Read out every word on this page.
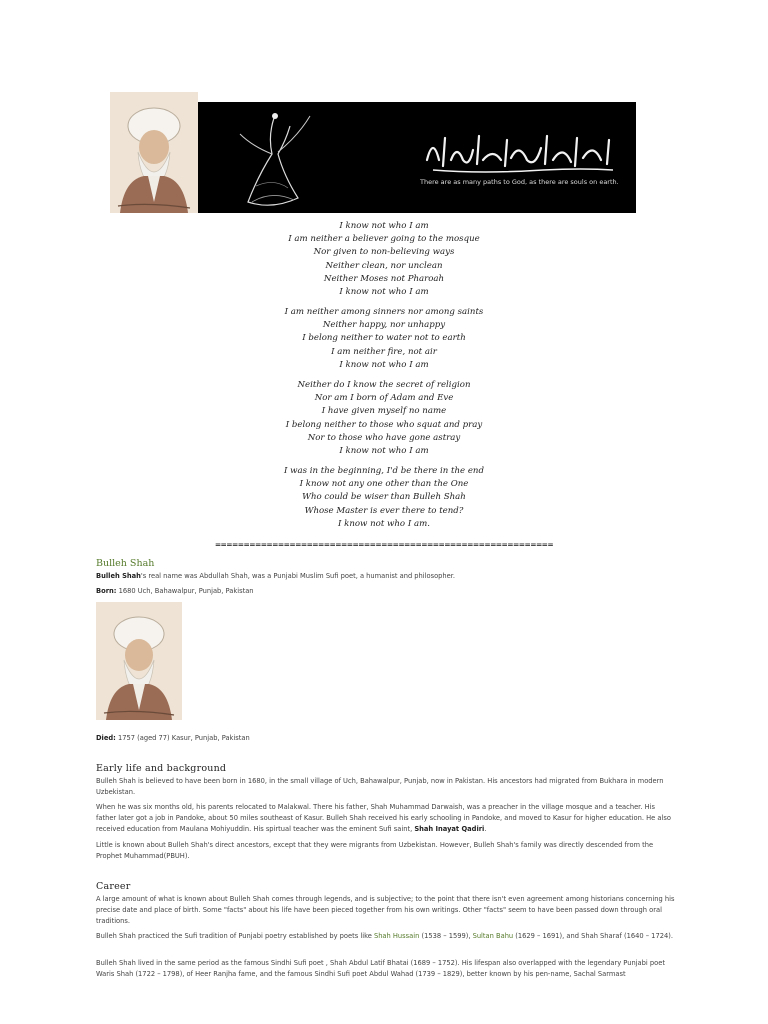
There are as many paths to God, as there are souls on earth.
I know not who I am
I am neither a believer going to the mosque
Nor given to non-believing ways
Neither clean, nor unclean
Neither Moses not Pharoah
I know not who I am
I am neither among sinners nor among saints
Neither happy, nor unhappy
I belong neither to water not to earth
I am neither fire, not air
I know not who I am
Neither do I know the secret of religion
Nor am I born of Adam and Eve
I have given myself no name
I belong neither to those who squat and pray
Nor to those who have gone astray
I know not who I am
I was in the beginning, I'd be there in the end
I know not any one other than the One
Who could be wiser than Bulleh Shah
Whose Master is ever there to tend?
I know not who I am.
===========================================================
Bulleh Shah
Bulleh Shah's real name was Abdullah Shah, was a Punjabi Muslim Sufi poet, a humanist and philosopher.
Born: 1680 Uch, Bahawalpur, Punjab, Pakistan
Died: 1757 (aged 77) Kasur, Punjab, Pakistan
Early life and background
Bulleh Shah is believed to have been born in 1680, in the small village of Uch, Bahawalpur, Punjab, now in Pakistan. His ancestors had migrated from Bukhara in modern Uzbekistan.
When he was six months old, his parents relocated to Malakwal. There his father, Shah Muhammad Darwaish, was a preacher in the village mosque and a teacher. His father later got a job in Pandoke, about 50 miles southeast of Kasur. Bulleh Shah received his early schooling in Pandoke, and moved to Kasur for higher education. He also received education from Maulana Mohiyuddin. His spirtual teacher was the eminent Sufi saint, Shah Inayat Qadiri.
Little is known about Bulleh Shah's direct ancestors, except that they were migrants from Uzbekistan. However, Bulleh Shah's family was directly descended from the Prophet Muhammad(PBUH).
Career
A large amount of what is known about Bulleh Shah comes through legends, and is subjective; to the point that there isn't even agreement among historians concerning his precise date and place of birth. Some "facts" about his life have been pieced together from his own writings. Other "facts" seem to have been passed down through oral traditions.
Bulleh Shah practiced the Sufi tradition of Punjabi poetry established by poets like Shah Hussain (1538 – 1599), Sultan Bahu (1629 – 1691), and Shah Sharaf (1640 – 1724).
Bulleh Shah lived in the same period as the famous Sindhi Sufi poet , Shah Abdul Latif Bhatai (1689 – 1752). His lifespan also overlapped with the legendary Punjabi poet Waris Shah (1722 – 1798), of Heer Ranjha fame, and the famous Sindhi Sufi poet Abdul Wahad (1739 – 1829), better known by his pen-name, Sachal Sarmast
